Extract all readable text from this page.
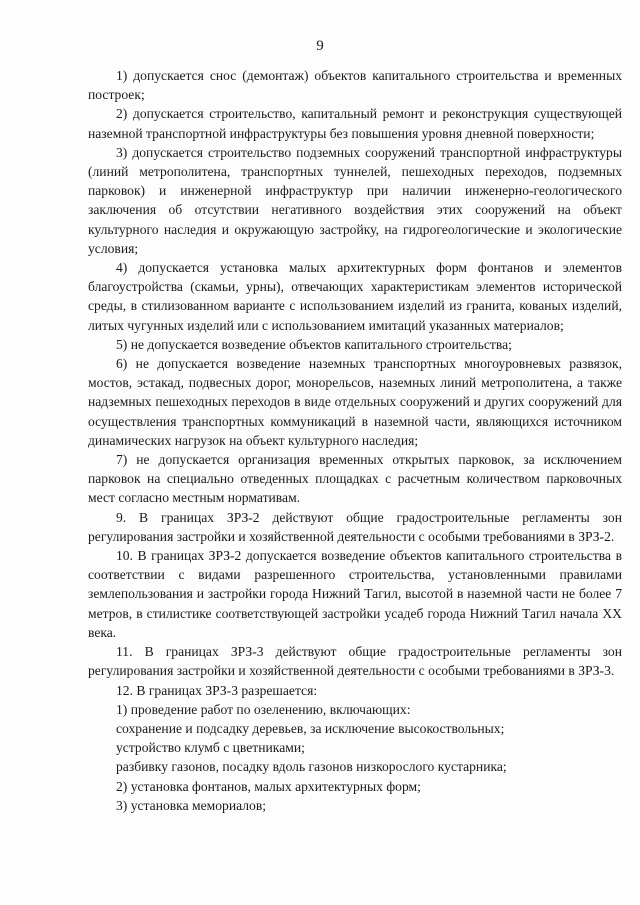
9

1) допускается снос (демонтаж) объектов капитального строительства и временных построек;

2) допускается строительство, капитальный ремонт и реконструкция существующей наземной транспортной инфраструктуры без повышения уровня дневной поверхности;

3) допускается строительство подземных сооружений транспортной инфраструктуры (линий метрополитена, транспортных туннелей, пешеходных переходов, подземных парковок) и инженерной инфраструктур при наличии инженерно-геологического заключения об отсутствии негативного воздействия этих сооружений на объект культурного наследия и окружающую застройку, на гидрогеологические и экологические условия;

4) допускается установка малых архитектурных форм фонтанов и элементов благоустройства (скамьи, урны), отвечающих характеристикам элементов исторической среды, в стилизованном варианте с использованием изделий из гранита, кованых изделий, литых чугунных изделий или с использованием имитаций указанных материалов;

5) не допускается возведение объектов капитального строительства;

6) не допускается возведение наземных транспортных многоуровневых развязок, мостов, эстакад, подвесных дорог, монорельсов, наземных линий метрополитена, а также надземных пешеходных переходов в виде отдельных сооружений и других сооружений для осуществления транспортных коммуникаций в наземной части, являющихся источником динамических нагрузок на объект культурного наследия;

7) не допускается организация временных открытых парковок, за исключением парковок на специально отведенных площадках с расчетным количеством парковочных мест согласно местным нормативам.

9. В границах ЗРЗ-2 действуют общие градостроительные регламенты зон регулирования застройки и хозяйственной деятельности с особыми требованиями в ЗРЗ-2.

10. В границах ЗРЗ-2 допускается возведение объектов капитального строительства в соответствии с видами разрешенного строительства, установленными правилами землепользования и застройки города Нижний Тагил, высотой в наземной части не более 7 метров, в стилистике соответствующей застройки усадеб города Нижний Тагил начала XX века.

11. В границах ЗРЗ-3 действуют общие градостроительные регламенты зон регулирования застройки и хозяйственной деятельности с особыми требованиями в ЗРЗ-3.

12. В границах ЗРЗ-3 разрешается:

1) проведение работ по озеленению, включающих:

сохранение и подсадку деревьев, за исключение высокоствольных;

устройство клумб с цветниками;

разбивку газонов, посадку вдоль газонов низкорослого кустарника;

2) установка фонтанов, малых архитектурных форм;

3) установка мемориалов;
